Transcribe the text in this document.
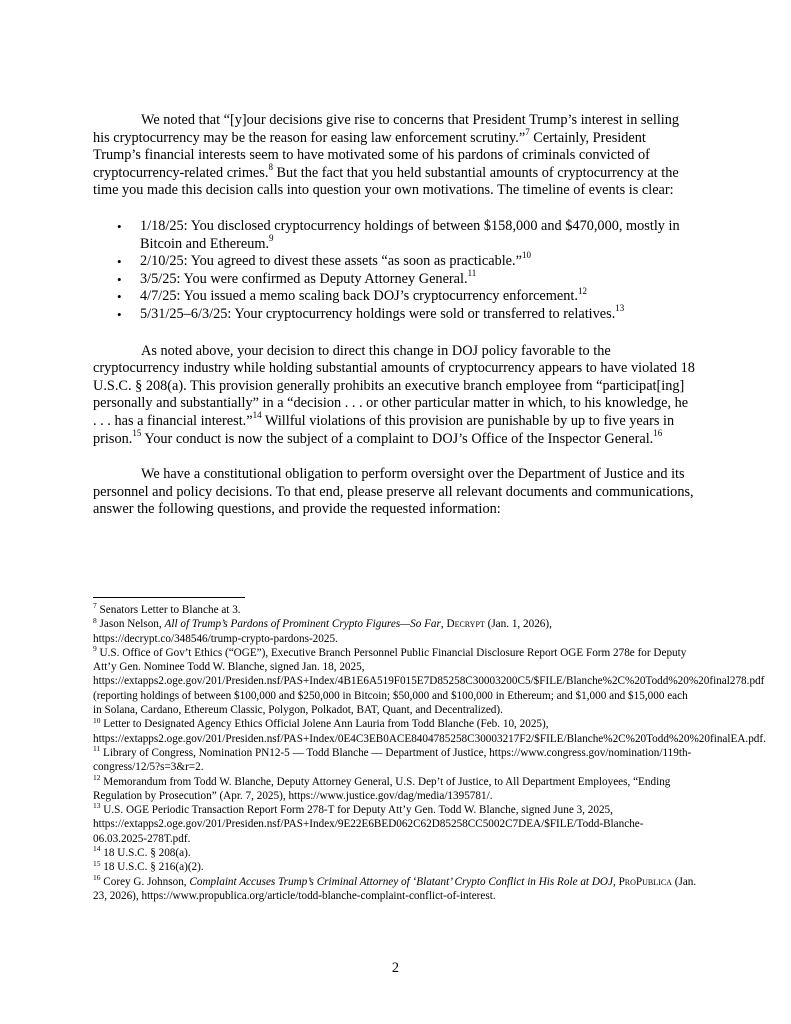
We noted that “[y]our decisions give rise to concerns that President Trump’s interest in selling his cryptocurrency may be the reason for easing law enforcement scrutiny.”$^7$ Certainly, President Trump’s financial interests seem to have motivated some of his pardons of criminals convicted of cryptocurrency-related crimes.$^8$ But the fact that you held substantial amounts of cryptocurrency at the time you made this decision calls into question your own motivations. The timeline of events is clear:

• 1/18/25: You disclosed cryptocurrency holdings of between $158,000 and $470,000, mostly in Bitcoin and Ethereum.$^9$
• 2/10/25: You agreed to divest these assets “as soon as practicable.”$^{10}$
• 3/5/25: You were confirmed as Deputy Attorney General.$^{11}$
• 4/7/25: You issued a memo scaling back DOJ’s cryptocurrency enforcement.$^{12}$
• 5/31/25–6/3/25: Your cryptocurrency holdings were sold or transferred to relatives.$^{13}$

As noted above, your decision to direct this change in DOJ policy favorable to the cryptocurrency industry while holding substantial amounts of cryptocurrency appears to have violated 18 U.S.C. § 208(a). This provision generally prohibits an executive branch employee from “participat[ing] personally and substantially” in a “decision . . . or other particular matter in which, to his knowledge, he . . . has a financial interest.”$^{14}$ Willful violations of this provision are punishable by up to five years in prison.$^{15}$ Your conduct is now the subject of a complaint to DOJ’s Office of the Inspector General.$^{16}$

We have a constitutional obligation to perform oversight over the Department of Justice and its personnel and policy decisions. To that end, please preserve all relevant documents and communications, answer the following questions, and provide the requested information:

$^7$ Senators Letter to Blanche at 3.

$^8$ Jason Nelson, All of Trump’s Pardons of Prominent Crypto Figures—So Far, Decrypt (Jan. 1, 2026), https://decrypt.co/348546/trump-crypto-pardons-2025.

$^9$ U.S. Office of Gov’t Ethics (“OGE”), Executive Branch Personnel Public Financial Disclosure Report OGE Form 278e for Deputy Att’y Gen. Nominee Todd W. Blanche, signed Jan. 18, 2025, https://extapps2.oge.gov/201/Presiden.nsf/PAS+Index/4B1E6A519F015E7D85258C30003200C5/$FILE/Blanche%2C%20Todd%20%20final278.pdf (reporting holdings of between $100,000 and $250,000 in Bitcoin; $50,000 and $100,000 in Ethereum; and $1,000 and $15,000 each in Solana, Cardano, Ethereum Classic, Polygon, Polkadot, BAT, Quant, and Decentralized).

$^{10}$ Letter to Designated Agency Ethics Official Jolene Ann Lauria from Todd Blanche (Feb. 10, 2025), https://extapps2.oge.gov/201/Presiden.nsf/PAS+Index/0E4C3EB0ACE8404785258C30003217F2/$FILE/Blanche%2C%20Todd%20%20finalEA.pdf.

$^{11}$ Library of Congress, Nomination PN12-5 — Todd Blanche — Department of Justice, https://www.congress.gov/nomination/119th-congress/12/5?s=3&r=2.

$^{12}$ Memorandum from Todd W. Blanche, Deputy Attorney General, U.S. Dep’t of Justice, to All Department Employees, “Ending Regulation by Prosecution” (Apr. 7, 2025), https://www.justice.gov/dag/media/1395781/.

$^{13}$ U.S. OGE Periodic Transaction Report Form 278-T for Deputy Att’y Gen. Todd W. Blanche, signed June 3, 2025, https://extapps2.oge.gov/201/Presiden.nsf/PAS+Index/9E22E6BED062C62D85258CC5002C7DEA/$FILE/Todd-Blanche-06.03.2025-278T.pdf.

$^{14}$ 18 U.S.C. § 208(a).

$^{15}$ 18 U.S.C. § 216(a)(2).

$^{16}$ Corey G. Johnson, Complaint Accuses Trump’s Criminal Attorney of ‘Blatant’ Crypto Conflict in His Role at DOJ, ProPublica (Jan. 23, 2026), https://www.propublica.org/article/todd-blanche-complaint-conflict-of-interest.

2
